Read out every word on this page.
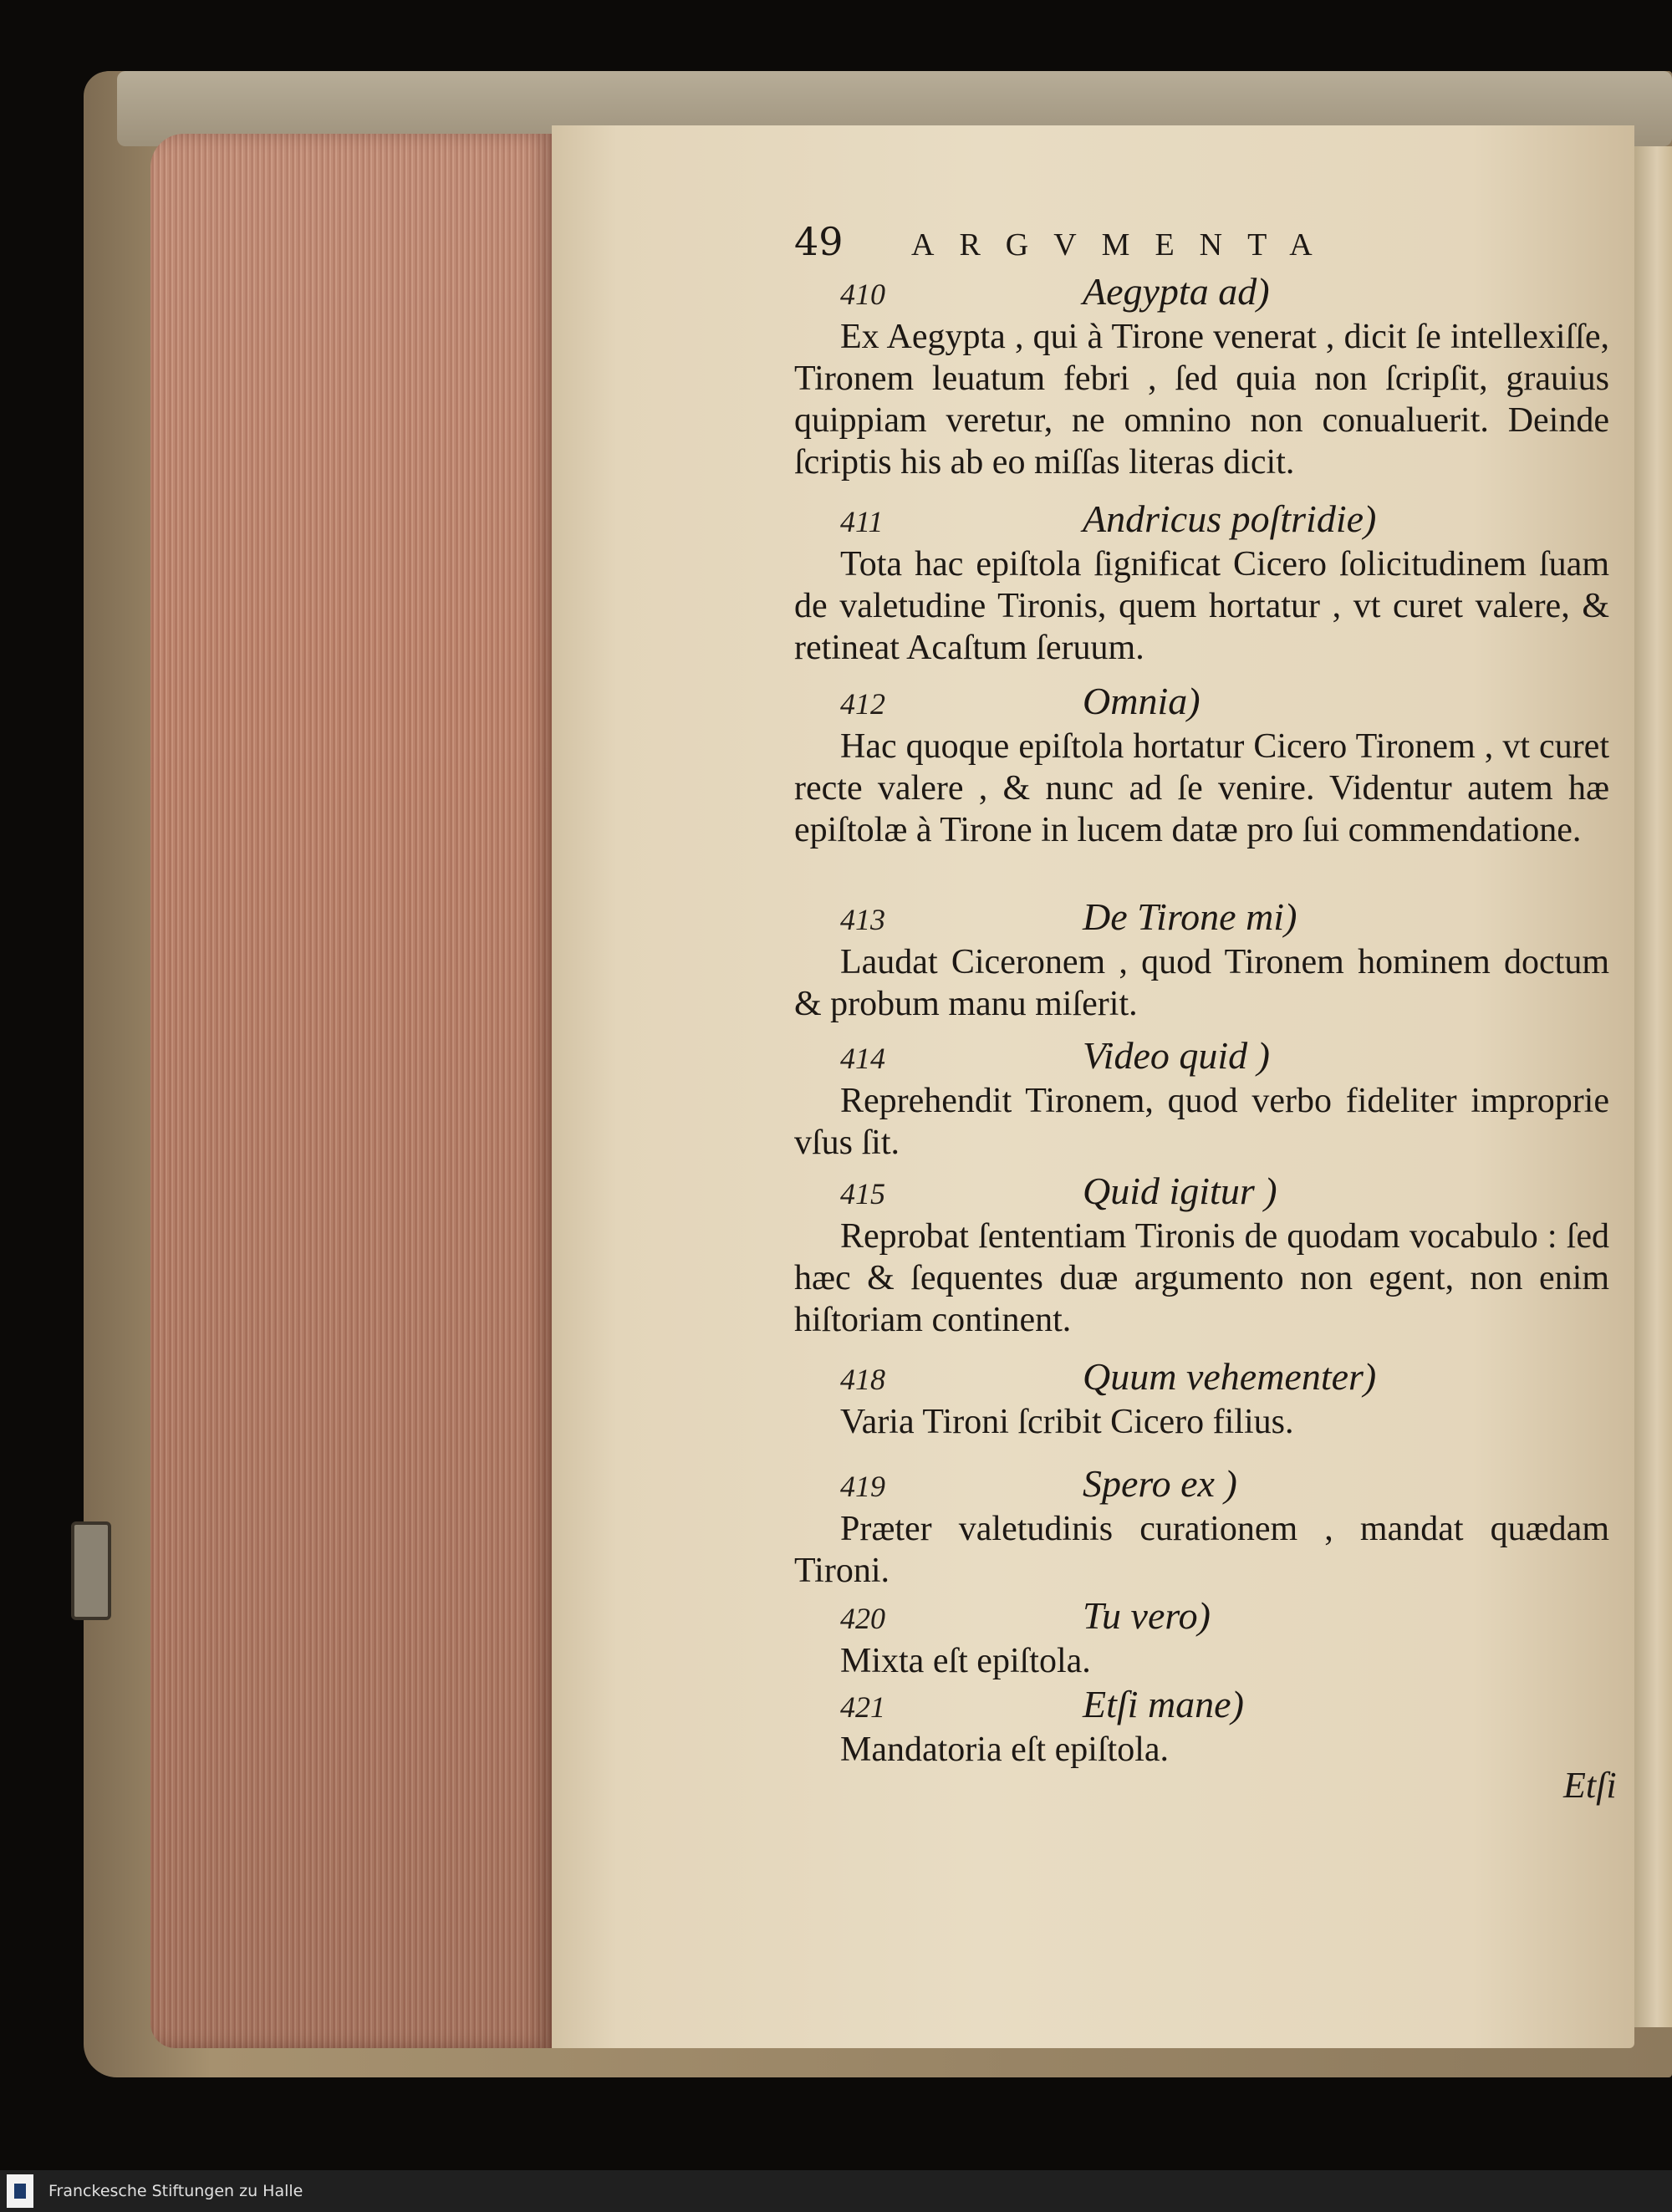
49	ARGVMENTA
410	Aegypta ad)
Ex Aegypta , qui à Tirone venerat , dicit ſe intellexiſſe, Tironem leuatum febri , ſed quia non ſcripſit, grauius quippiam veretur, ne omnino non conualuerit. Deinde ſcriptis his ab eo miſſas literas dicit.
411	Andricus poſtridie)
Tota hac epiſtola ſignificat Cicero ſolicitudinem ſuam de valetudine Tironis, quem hortatur , vt curet valere, & retineat Acaſtum ſeruum.
412	Omnia)
Hac quoque epiſtola hortatur Cicero Tironem , vt curet recte valere , & nunc ad ſe venire. Videntur autem hæ epiſtolæ à Tirone in lucem datæ pro ſui commendatione.
413	De Tirone mi)
Laudat Ciceronem , quod Tironem hominem doctum & probum manu miſerit.
414	Video quid )
Reprehendit Tironem, quod verbo fideliter improprie vſus ſit.
415	Quid igitur )
Reprobat ſententiam Tironis de quodam vocabulo : ſed hæc & ſequentes duæ argumento non egent, non enim hiſtoriam continent.
418	Quum vehementer)
Varia Tironi ſcribit Cicero filius.
419	Spero ex )
Præter valetudinis curationem , mandat quædam Tironi.
420	Tu vero)
Mixta eſt epiſtola.
421	Etſi mane)
Mandatoria eſt epiſtola.
Etſi
Franckesche Stiftungen zu Halle
